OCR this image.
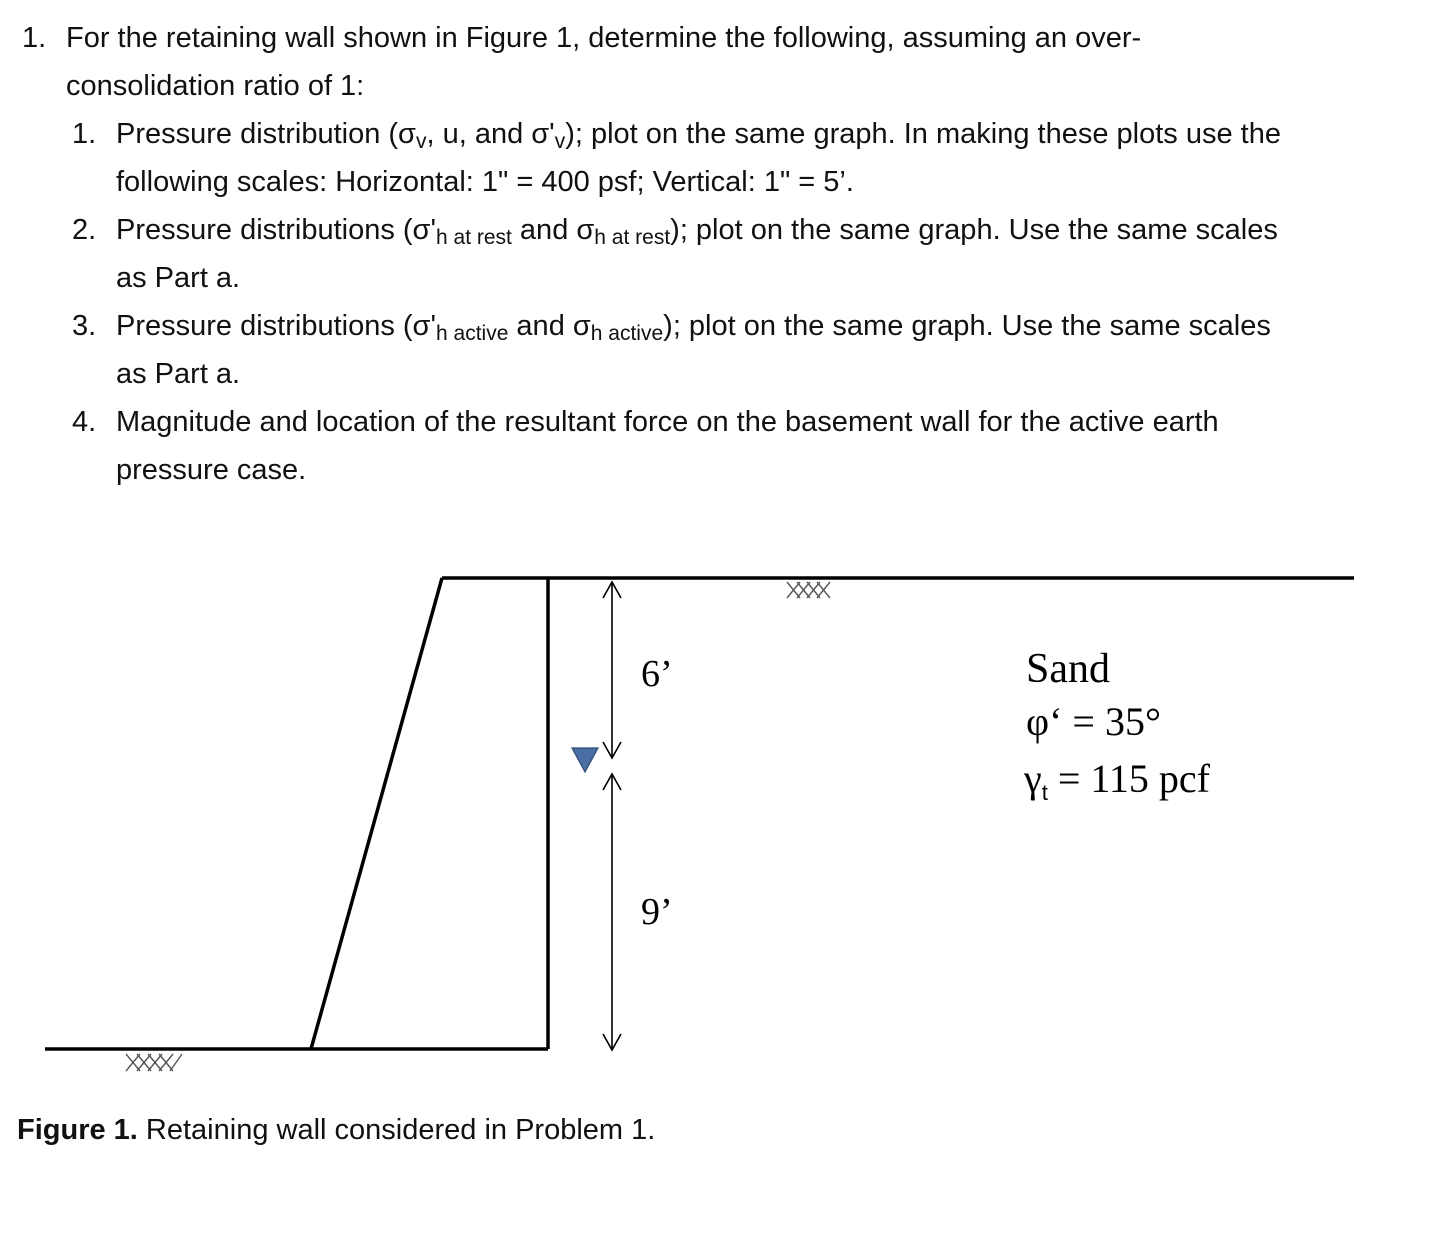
1. For the retaining wall shown in Figure 1, determine the following, assuming an over-
consolidation ratio of 1:
1. Pressure distribution ($\sigma_v$, u, and $\sigma'_v$); plot on the same graph. In making these plots use the
following scales: Horizontal: 1" = 400 psf; Vertical: 1" = 5’.
2. Pressure distributions ($\sigma'_{h at rest}$ and $\sigma_{h at rest}$); plot on the same graph. Use the same scales
as Part a.
3. Pressure distributions ($\sigma'_{h active}$ and $\sigma_{h active}$); plot on the same graph. Use the same scales
as Part a.
4. Magnitude and location of the resultant force on the basement wall for the active earth
pressure case.
6’
9’
Sand
φ‘ = 35°
$\gamma_t = 115$ pcf
Figure 1. Retaining wall considered in Problem 1.
